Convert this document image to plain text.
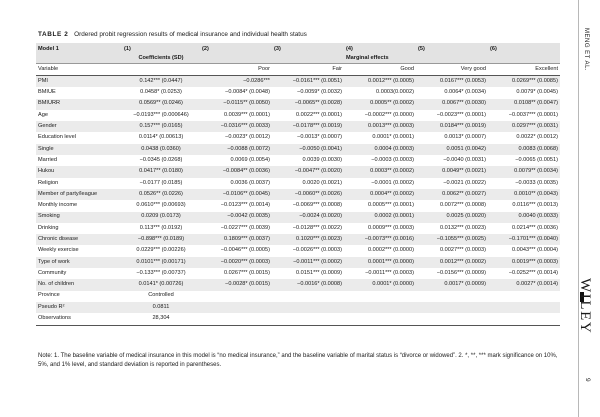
TABLE 2 Ordered probit regression results of medical insurance and individual health status
Model 1	(1)	(2)	(3)	(4)	(5)	(6)
	Coefficients (SD)			Marginal effects		
Variable		Poor	Fair	Good	Very good	Excellent
PMI	0.142*** (0.0447)	−0.0286***	−0.0161*** (0.0051)	0.0012*** (0.0005)	0.0167*** (0.0053)	0.0269*** (0.0085)
BMIUE	0.0458* (0.0253)	−0.0084* (0.0048)	−0.0059* (0.0032)	0.0003(0.0002)	0.0064* (0.0034)	0.0079* (0.0045)
BMIURR	0.0569** (0.0246)	−0.0115** (0.0050)	−0.0065** (0.0028)	0.0005** (0.0002)	0.0067** (0.0030)	0.0108** (0.0047)
Age	−0.0193*** (0.000646)	0.0039*** (0.0001)	0.0022*** (0.0001)	−0.0002*** (0.0000)	−0.0023*** (0.0001)	−0.0037*** (0.0001)
Gender	0.157*** (0.0165)	−0.0316*** (0.0033)	−0.0178*** (0.0019)	0.0013*** (0.0003)	0.0184*** (0.0019)	0.0297*** (0.0031)
Education level	0.0114* (0.00613)	−0.0023* (0.0012)	−0.0013* (0.0007)	0.0001* (0.0001)	0.0013* (0.0007)	0.0022* (0.0012)
Single	0.0438 (0.0360)	−0.0088 (0.0072)	−0.0050 (0.0041)	0.0004 (0.0003)	0.0051 (0.0042)	0.0083 (0.0068)
Married	−0.0345 (0.0268)	0.0069 (0.0054)	0.0039 (0.0030)	−0.0003 (0.0003)	−0.0040 (0.0031)	−0.0065 (0.0051)
Hukou	0.0417** (0.0180)	−0.0084** (0.0036)	−0.0047** (0.0020)	0.0003** (0.0002)	0.0049** (0.0021)	0.0079** (0.0034)
Religion	−0.0177 (0.0185)	0.0036 (0.0037)	0.0020 (0.0021)	−0.0001 (0.0002)	−0.0021 (0.0022)	−0.0033 (0.0035)
Member of party/league	0.0526** (0.0226)	−0.0106** (0.0045)	−0.0060** (0.0026)	0.0004** (0.0002)	0.0062** (0.0027)	0.0010** (0.0043)
Monthly income	0.0610*** (0.00693)	−0.0123*** (0.0014)	−0.0069*** (0.0008)	0.0005*** (0.0001)	0.0072*** (0.0008)	0.0116*** (0.0013)
Smoking	0.0209 (0.0173)	−0.0042 (0.0035)	−0.0024 (0.0020)	0.0002 (0.0001)	0.0025 (0.0020)	0.0040 (0.0033)
Drinking	0.113*** (0.0192)	−0.0227*** (0.0039)	−0.0128*** (0.0022)	0.0009*** (0.0003)	0.0132*** (0.0023)	0.0214*** (0.0036)
Chronic disease	−0.898*** (0.0189)	0.1809*** (0.0037)	0.1020*** (0.0023)	−0.0073*** (0.0016)	−0.1055*** (0.0025)	−0.1701*** (0.0040)
Weekly exercise	0.0229*** (0.00226)	−0.0046*** (0.0005)	−0.0026*** (0.0003)	0.0002*** (0.0000)	0.0027*** (0.0003)	0.0043*** (0.0004)
Type of work	0.0101*** (0.00171)	−0.0020*** (0.0003)	−0.0011*** (0.0002)	0.0001*** (0.0000)	0.0012*** (0.0002)	0.0019*** (0.0003)
Community	−0.133*** (0.00737)	0.0267*** (0.0015)	0.0151*** (0.0009)	−0.0011*** (0.0003)	−0.0156*** (0.0009)	−0.0252*** (0.0014)
No. of children	0.0141* (0.00726)	−0.0028* (0.0015)	−0.0016* (0.0008)	0.0001* (0.0000)	0.0017* (0.0009)	0.0027* (0.0014)
Province	Controlled					
Pseudo R²	0.0811					
Observations	28,304					
Note: 1. The baseline variable of medical insurance in this model is “no medical insurance,” and the baseline variable of marital status is “divorce or widowed”. 2. *, **, *** mark significance on 10%, 5%, and 1% level, and standard deviation is reported in parentheses.
MENG ET AL.
WILEY
9
